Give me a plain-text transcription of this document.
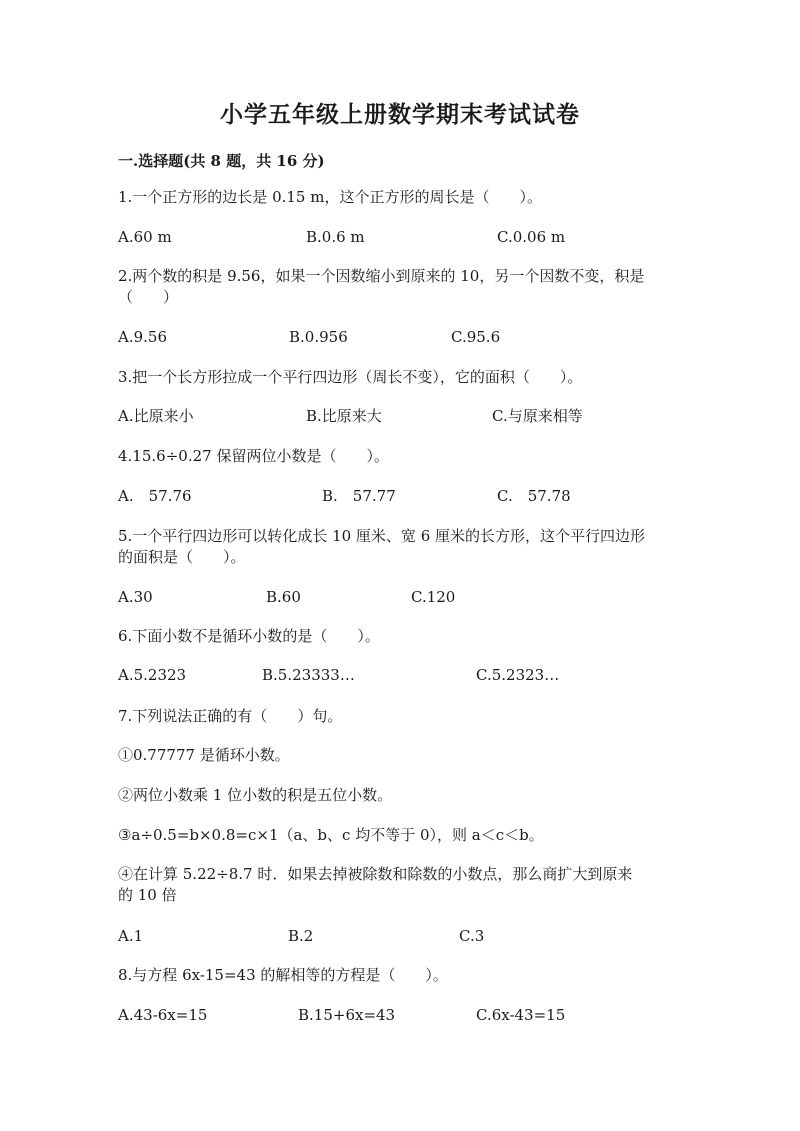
小学五年级上册数学期末考试试卷

一.选择题(共 8 题，共 16 分)

1.一个正方形的边长是 0.15 m，这个正方形的周长是（　　）。

A.60 m	B.0.6 m	C.0.06 m

2.两个数的积是 9.56，如果一个因数缩小到原来的 10，另一个因数不变，积是

（　　）

A.9.56	B.0.956	C.95.6

3.把一个长方形拉成一个平行四边形（周长不变），它的面积（　　）。

A.比原来小	B.比原来大	C.与原来相等

4.15.6÷0.27 保留两位小数是（　　）。

A.　57.76	B.　57.77	C.　57.78

5.一个平行四边形可以转化成长 10 厘米、宽 6 厘米的长方形，这个平行四边形

的面积是（　　）。

A.30	B.60	C.120

6.下面小数不是循环小数的是（　　）。

A.5.2323	B.5.23333…	C.5.2323…

7.下列说法正确的有（　　）句。

①0.77777 是循环小数。

②两位小数乘 1 位小数的积是五位小数。

③a÷0.5=b×0.8=c×1（a、b、c 均不等于 0），则 a＜c＜b。

④在计算 5.22÷8.7 时．如果去掉被除数和除数的小数点，那么商扩大到原来

的 10 倍

A.1	B.2	C.3

8.与方程 6x-15=43 的解相等的方程是（　　）。

A.43-6x=15	B.15+6x=43	C.6x-43=15
